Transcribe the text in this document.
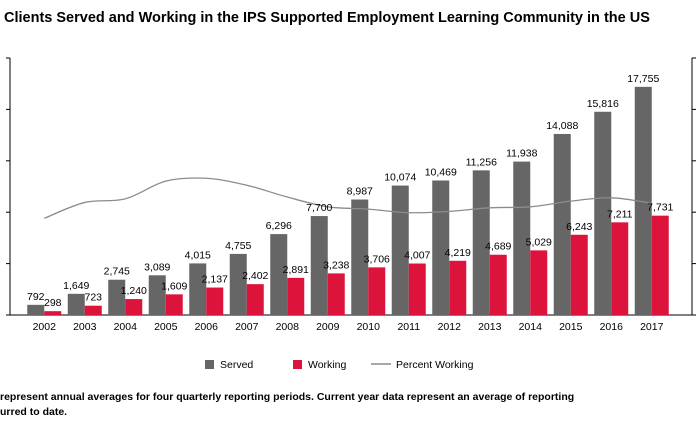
Clients Served and Working in the IPS Supported Employment Learning Community in the US
792
298
1,649
723
2,745
1,240
3,089
1,609
4,015
2,137
4,755
2,402
6,296
2,891
7,700
3,238
8,987
3,706
10,074
4,007
10,469
4,219
11,256
4,689
11,938
5,029
14,088
6,243
15,816
7,211
17,755
7,731
2002 2003 2004 2005 2006 2007 2008 2009 2010 2011 2012 2013 2014 2015 2016 2017
Served	Working	Percent Working
represent annual averages for four quarterly reporting periods. Current year data represent an average of reporting
urred to date.
